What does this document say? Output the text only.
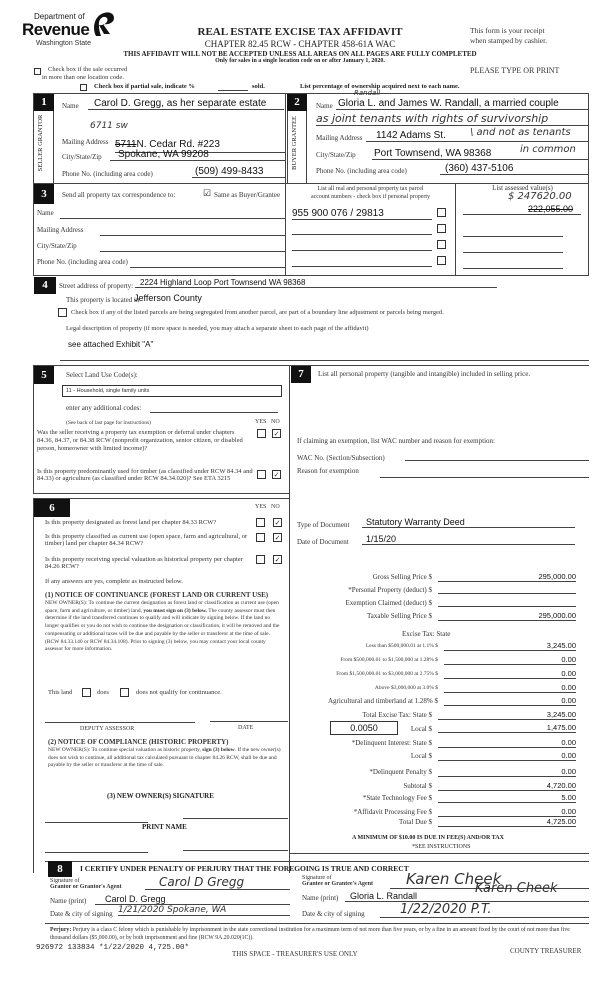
Department of
Revenue
Washington State
REAL ESTATE EXCISE TAX AFFIDAVIT
CHAPTER 82.45 RCW - CHAPTER 458-61A WAC
THIS AFFIDAVIT WILL NOT BE ACCEPTED UNLESS ALL AREAS ON ALL PAGES ARE FULLY COMPLETED
Only for sales in a single location code on or after January 1, 2020.
This form is your receipt
when stamped by cashier.
PLEASE TYPE OR PRINT
Check box if the sale occurred
in more than one location code.
Check box if partial sale, indicate %	sold.	List percentage of ownership acquired next to each name.
1
SELLER GRANTOR
Name	Carol D. Gregg, as her separate estate
6711 sw
Mailing Address 5711N. Cedar Rd. #223
City/State/Zip	Spokane, WA 99208
Phone No. (including area code)	(509) 499-8433
2
BUYER GRANTEE
Name
Randall
Gloria L. and James W. Randall, a married couple
as joint tenants with rights of survivorship
Mailing Address	1142 Adams St.	\ and not as tenants
City/State/Zip Port Townsend, WA 98368	in common
Phone No. (including area code)	(360) 437-5106
3	Send all property tax correspondence to:	☑ Same as Buyer/Grantee
Name
Mailing Address
City/State/Zip
Phone No. (including area code)
List all real and personal property tax parcel
account numbers - check box if personal property
List assessed value(s)
955 900 076 / 29813
$ 247620.00
222,055.00
4	Street address of property: 2224 Highland Loop Port Townsend WA 98368
This property is located in
Jefferson County
Check box if any of the listed parcels are being segregated from another parcel, are part of a boundary line adjustment or parcels being merged.
Legal description of property (if more space is needed, you may attach a separate sheet to each page of the affidavit)
see attached Exhibit "A"
5	Select Land Use Code(s):
11 - Household, single family units
enter any additional codes:
(See back of last page for instructions)	YES NO
Was the seller receiving a property tax exemption or deferral under chapters 84.36, 84.37, or 84.38 RCW (nonprofit organization, senior citizen, or disabled person, homeowner with limited income)?
✓
Is this property predominantly used for timber (as classified under RCW 84.34 and 84.33) or agriculture (as classified under RCW 84.34.020)? See ETA 3215	✓
7	List all personal property (tangible and intangible) included in selling price.
If claiming an exemption, list WAC number and reason for exemption:
WAC No. (Section/Subsection)
Reason for exemption
6	YES NO
Is this property designated as forest land per chapter 84.33 RCW?	✓
Is this property classified as current use (open space, farm and agricultural, or timber) land per chapter 84.34 RCW?
✓
Is this property receiving special valuation as historical property per chapter 84.26 RCW?
✓
If any answers are yes, complete as instructed below.
(1) NOTICE OF CONTINUANCE (FOREST LAND OR CURRENT USE)
NEW OWNER(S): To continue the current designation as forest land or classification as current use (open space, farm and agriculture, or timber) land, you must sign on (3) below. The county assessor must then determine if the land transferred continues to qualify and will indicate by signing below. If the land no longer qualifies or you do not wish to continue the designation or classification, it will be removed and the compensating or additional taxes will be due and payable by the seller or transferor at the time of sale. (RCW 84.33.140 or RCW 84.34.108). Prior to signing (3) below, you may contact your local county assessor for more information.
This land	does	does not qualify for continuance.
DEPUTY ASSESSOR	DATE
(2) NOTICE OF COMPLIANCE (HISTORIC PROPERTY)
NEW OWNER(S): To continue special valuation as historic property, sign (3) below. If the new owner(s) does not wish to continue, all additional tax calculated pursuant to chapter 84.26 RCW, shall be due and payable by the seller or transferor at the time of sale.
(3) NEW OWNER(S) SIGNATURE
PRINT NAME
Type of Document	Statutory Warranty Deed
Date of Document	1/15/20
Gross Selling Price $	295,000.00
*Personal Property (deduct) $
Exemption Claimed (deduct) $
Taxable Selling Price $	295,000.00
Excise Tax: State
Less than $500,000.01 at 1.1% $	3,245.00
From $500,000.01 to $1,500,000 at 1.28% $	0.00
From $1,500,000.01 to $3,000,000 at 2.75% $	0.00
Above $3,000,000 at 3.0% $	0.00
Agricultural and timberland at 1.28% $	0.00
Total Excise Tax: State $	3,245.00
0.0050	Local $	1,475.00
*Delinquent Interest: State $	0.00
Local $	0.00
*Delinquent Penalty $	0.00
Subtotal $	4,720.00
*State Technology Fee $	5.00
*Affidavit Processing Fee $	0.00
Total Due $	4,725.00
A MINIMUM OF $10.00 IS DUE IN FEE(S) AND/OR TAX
*SEE INSTRUCTIONS
8	I CERTIFY UNDER PENALTY OF PERJURY THAT THE FOREGOING IS TRUE AND CORRECT
Signature of
Grantor or Grantor's Agent	Carol D Gregg
Name (print)	Carol D. Gregg
Date & city of signing 1/21/2020 Spokane, WA
Signature of
Grantee or Grantee's Agent	Karen Cheek
Name (print)	Gloria L. Randall	Karen Cheek
Date & city of signing	1/22/2020 P.T.
Perjury: Perjury is a class C felony which is punishable by imprisonment in the state correctional institution for a maximum term of not more than five years, or by a fine in an amount fixed by the court of not more than five thousand dollars ($5,000.00), or by both imprisonment and fine (RCW 9A.20.020(1C)).
926972 133834 *1/22/2020 4,725.00*
THIS SPACE - TREASURER'S USE ONLY	COUNTY TREASURER
